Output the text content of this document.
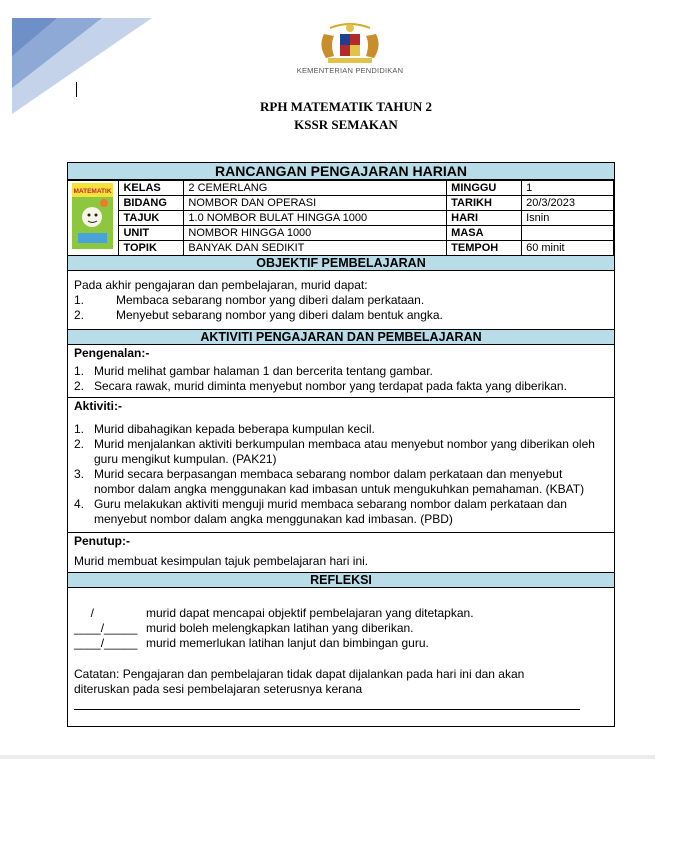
KEMENTERIAN PENDIDIKAN
RPH MATEMATIK TAHUN 2
KSSR SEMAKAN
RANCANGAN PENGAJARAN HARIAN
MATEMATIK	KELAS	2 CEMERLANG	MINGGU	1
	BIDANG	NOMBOR DAN OPERASI	TARIKH	20/3/2023
	TAJUK	1.0 NOMBOR BULAT HINGGA 1000	HARI	Isnin
	UNIT	NOMBOR HINGGA 1000	MASA	
	TOPIK	BANYAK DAN SEDIKIT	TEMPOH	60 minit
OBJEKTIF PEMBELAJARAN
Pada akhir pengajaran dan pembelajaran, murid dapat:
1.	Membaca sebarang nombor yang diberi dalam perkataan.
2.	Menyebut sebarang nombor yang diberi dalam bentuk angka.
AKTIVITI PENGAJARAN DAN PEMBELAJARAN
Pengenalan:-
1. Murid melihat gambar halaman 1 dan bercerita tentang gambar.
2. Secara rawak, murid diminta menyebut nombor yang terdapat pada fakta yang diberikan.
Aktiviti:-
1. Murid dibahagikan kepada beberapa kumpulan kecil.
2. Murid menjalankan aktiviti berkumpulan membaca atau menyebut nombor yang diberikan oleh guru mengikut kumpulan. (PAK21)
3. Murid secara berpasangan membaca sebarang nombor dalam perkataan dan menyebut nombor dalam angka menggunakan kad imbasan untuk mengukuhkan pemahaman. (KBAT)
4. Guru melakukan aktiviti menguji murid membaca sebarang nombor dalam perkataan dan menyebut nombor dalam angka menggunakan kad imbasan. (PBD)
Penutup:-
Murid membuat kesimpulan tajuk pembelajaran hari ini.
REFLEKSI
/	murid dapat mencapai objektif pembelajaran yang ditetapkan.
____/_____ murid boleh melengkapkan latihan yang diberikan.
____/_____ murid memerlukan latihan lanjut dan bimbingan guru.
Catatan: Pengajaran dan pembelajaran tidak dapat dijalankan pada hari ini dan akan diteruskan pada sesi pembelajaran seterusnya kerana
